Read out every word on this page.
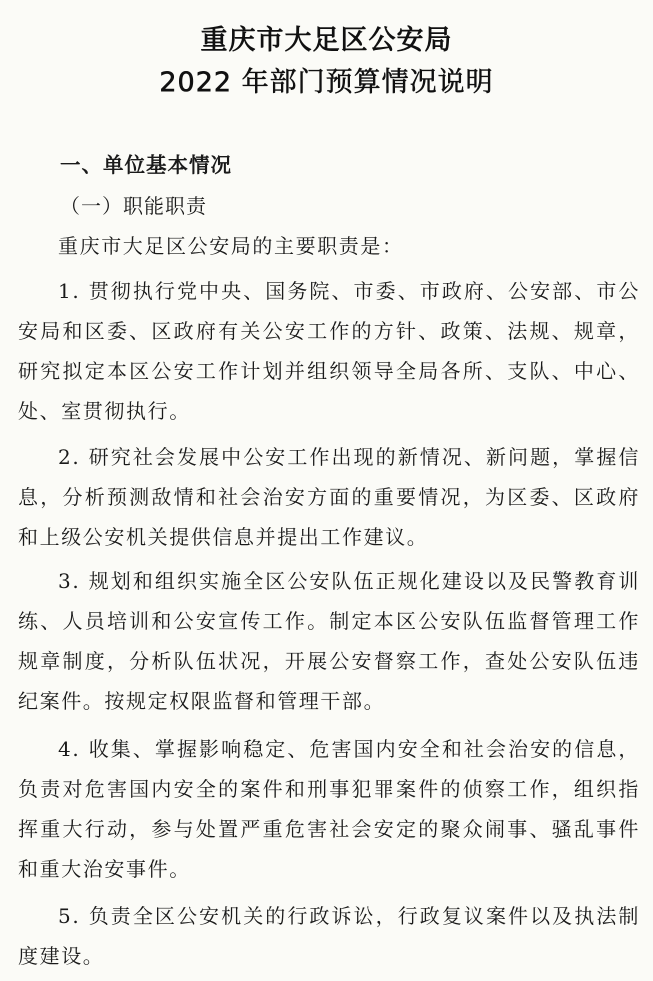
重庆市大足区公安局
2022 年部门预算情况说明
一、单位基本情况
（一）职能职责

重庆市大足区公安局的主要职责是：

1. 贯彻执行党中央、国务院、市委、市政府、公安部、市公安局和区委、区政府有关公安工作的方针、政策、法规、规章，研究拟定本区公安工作计划并组织领导全局各所、支队、中心、处、室贯彻执行。

2. 研究社会发展中公安工作出现的新情况、新问题，掌握信息，分析预测敌情和社会治安方面的重要情况，为区委、区政府和上级公安机关提供信息并提出工作建议。

3. 规划和组织实施全区公安队伍正规化建设以及民警教育训练、人员培训和公安宣传工作。制定本区公安队伍监督管理工作规章制度，分析队伍状况，开展公安督察工作，查处公安队伍违纪案件。按规定权限监督和管理干部。

4. 收集、掌握影响稳定、危害国内安全和社会治安的信息，负责对危害国内安全的案件和刑事犯罪案件的侦察工作，组织指挥重大行动，参与处置严重危害社会安定的聚众闹事、骚乱事件和重大治安事件。

5. 负责全区公安机关的行政诉讼，行政复议案件以及执法制度建设。
